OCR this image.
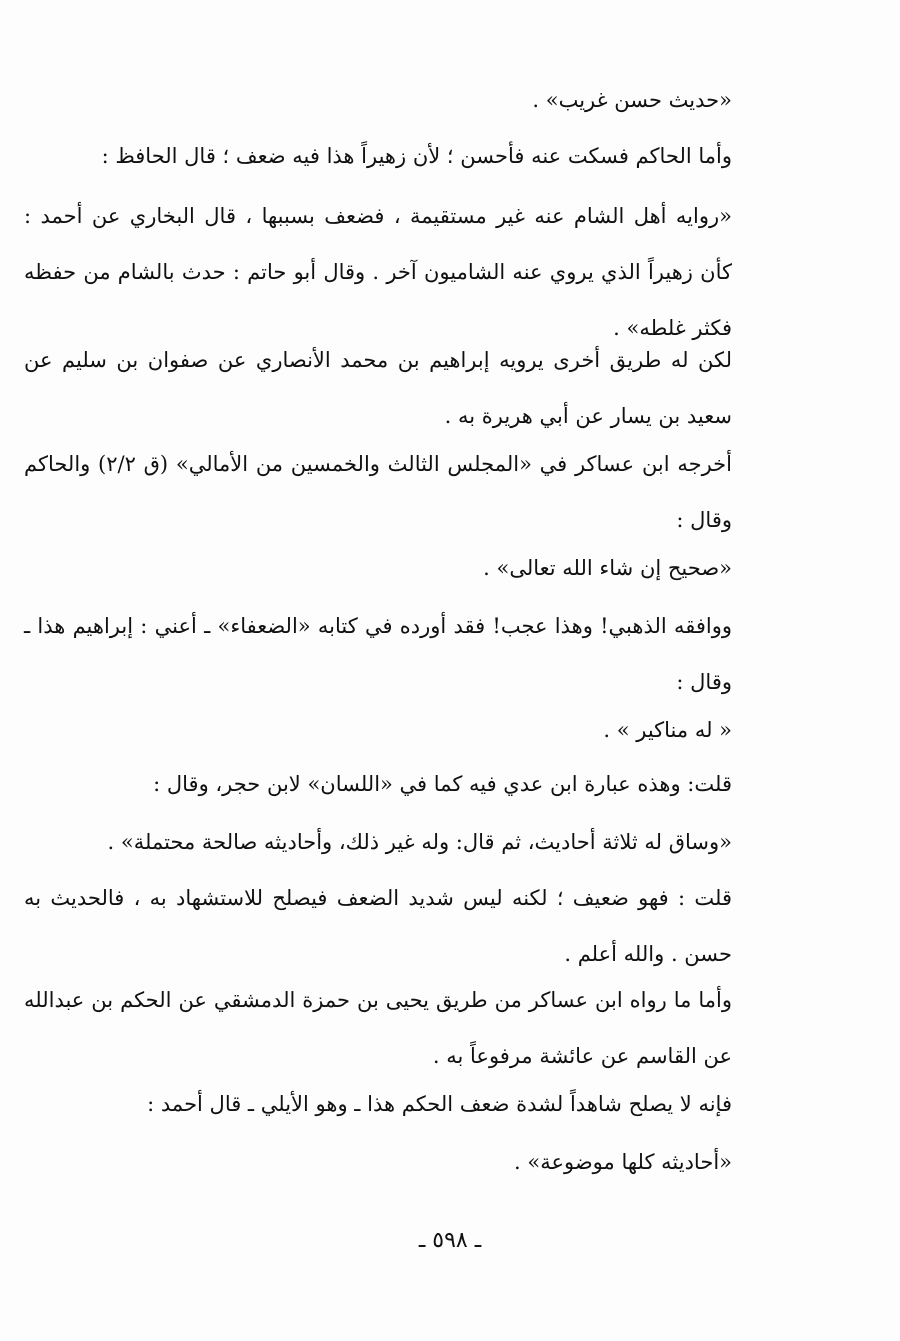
«حديث حسن غريب» .

وأما الحاكم فسكت عنه فأحسن ؛ لأن زهيراً هذا فيه ضعف ؛ قال الحافظ :

«روايه أهل الشام عنه غير مستقيمة ، فضعف بسببها ، قال البخاري عن أحمد : كأن زهيراً الذي يروي عنه الشاميون آخر . وقال أبو حاتم : حدث بالشام من حفظه فكثر غلطه» .

لكن له طريق أخرى يرويه إبراهيم بن محمد الأنصاري عن صفوان بن سليم عن سعيد بن يسار عن أبي هريرة به .

أخرجه ابن عساكر في «المجلس الثالث والخمسين من الأمالي» (ق ٢/٢) والحاكم وقال :

«صحيح إن شاء الله تعالى» .

ووافقه الذهبي! وهذا عجب! فقد أورده في كتابه «الضعفاء» ـ أعني : إبراهيم هذا ـ وقال :

« له مناكير » .

قلت: وهذه عبارة ابن عدي فيه كما في «اللسان» لابن حجر، وقال :

«وساق له ثلاثة أحاديث، ثم قال: وله غير ذلك، وأحاديثه صالحة محتملة» .

قلت : فهو ضعيف ؛ لكنه ليس شديد الضعف فيصلح للاستشهاد به ، فالحديث به حسن . والله أعلم .

وأما ما رواه ابن عساكر من طريق يحيى بن حمزة الدمشقي عن الحكم بن عبدالله عن القاسم عن عائشة مرفوعاً به .

فإنه لا يصلح شاهداً لشدة ضعف الحكم هذا ـ وهو الأيلي ـ قال أحمد :

«أحاديثه كلها موضوعة» .

ـ ٥٩٨ ـ
